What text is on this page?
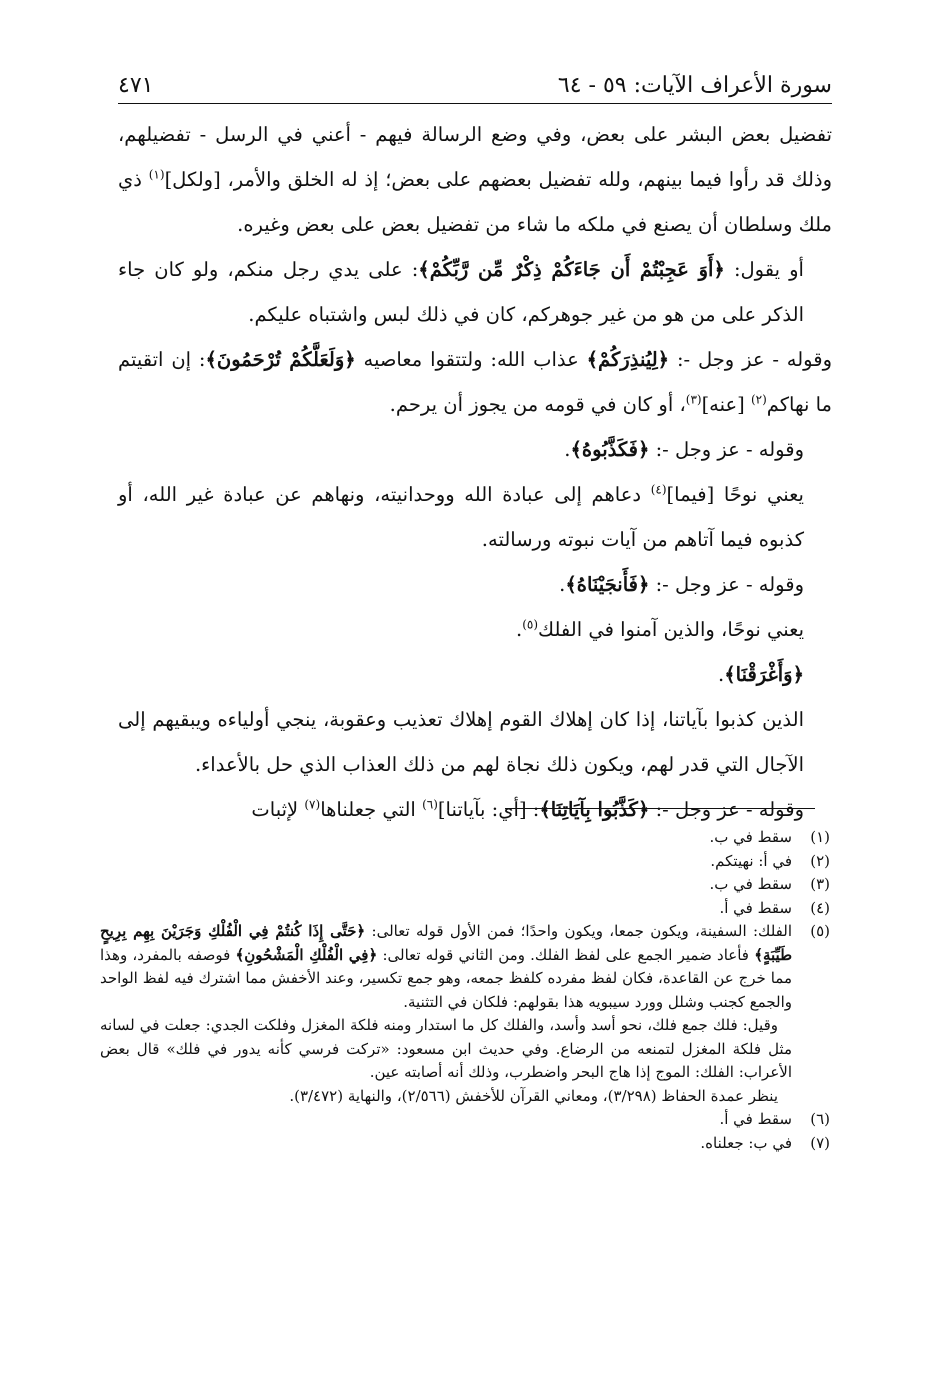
سورة الأعراف الآيات: ٥٩ - ٦٤
٤٧١

تفضيل بعض البشر على بعض، وفي وضع الرسالة فيهم - أعني في الرسل - تفضيلهم، وذلك قد رأوا فيما بينهم، ولله تفضيل بعضهم على بعض؛ إذ له الخلق والأمر، [ولكل]$^{(١)}$ ذي ملك وسلطان أن يصنع في ملكه ما شاء من تفضيل بعض على بعض وغيره.

أو يقول: ﴿أَوَ عَجِبْتُمْ أَن جَاءَكُمْ ذِكْرٌ مِّن رَّبِّكُمْ﴾: على يدي رجل منكم، ولو كان جاء الذكر على من هو من غير جوهركم، كان في ذلك لبس واشتباه عليكم.

وقوله - عز وجل -: ﴿لِيُنذِرَكُمْ﴾ عذاب الله: ولتتقوا معاصيه ﴿وَلَعَلَّكُمْ تُرْحَمُونَ﴾: إن اتقيتم ما نهاكم$^{(٢)}$ [عنه]$^{(٣)}$، أو كان في قومه من يجوز أن يرحم.

وقوله - عز وجل -: ﴿فَكَذَّبُوهُ﴾.

يعني نوحًا [فيما]$^{(٤)}$ دعاهم إلى عبادة الله ووحدانيته، ونهاهم عن عبادة غير الله، أو كذبوه فيما آتاهم من آيات نبوته ورسالته.

وقوله - عز وجل -: ﴿فَأَنجَيْنَاهُ﴾.

يعني نوحًا، والذين آمنوا في الفلك$^{(٥)}$.

﴿وَأَغْرَقْنَا﴾.

الذين كذبوا بآياتنا، إذا كان إهلاك القوم إهلاك تعذيب وعقوبة، ينجي أولياءه ويبقيهم إلى الآجال التي قدر لهم، ويكون ذلك نجاة لهم من ذلك العذاب الذي حل بالأعداء.

وقوله - عز وجل -: ﴿كَذَّبُوا بِآيَاتِنَا﴾: [أي: بآياتنا]$^{(٦)}$ التي جعلناها$^{(٧)}$ لإثبات

(١)
سقط في ب.
(٢)
في أ: نهيتكم.
(٣)
سقط في ب.
(٤)
سقط في أ.
(٥)
الفلك: السفينة، ويكون جمعا، ويكون واحدًا؛ فمن الأول قوله تعالى: ﴿حَتَّى إِذَا كُنتُمْ فِي الْفُلْكِ وَجَرَيْنَ بِهِم بِرِيحٍ طَيِّبَةٍ﴾ فأعاد ضمير الجمع على لفظ الفلك. ومن الثاني قوله تعالى: ﴿فِي الْفُلْكِ الْمَشْحُونِ﴾ فوصفه بالمفرد، وهذا مما خرج عن القاعدة، فكان لفظ مفرده كلفظ جمعه، وهو جمع تكسير، وعند الأخفش مما اشترك فيه لفظ الواحد والجمع كجنب وشلل وورد سيبويه هذا بقولهم: فلكان في التثنية.

وقيل: فلك جمع فلك، نحو أسد وأسد، والفلك كل ما استدار ومنه فلكة المغزل وفلكت الجدي: جعلت في لسانه مثل فلكة المغزل لتمنعه من الرضاع. وفي حديث ابن مسعود: «تركت فرسي كأنه يدور في فلك» قال بعض الأعراب: الفلك: الموج إذا هاج البحر واضطرب، وذلك أنه أصابته عين.

ينظر عمدة الحفاظ (٣/٢٩٨)، ومعاني القرآن للأخفش (٢/٥٦٦)، والنهاية (٣/٤٧٢).

(٦)
سقط في أ.
(٧)
في ب: جعلناه.
